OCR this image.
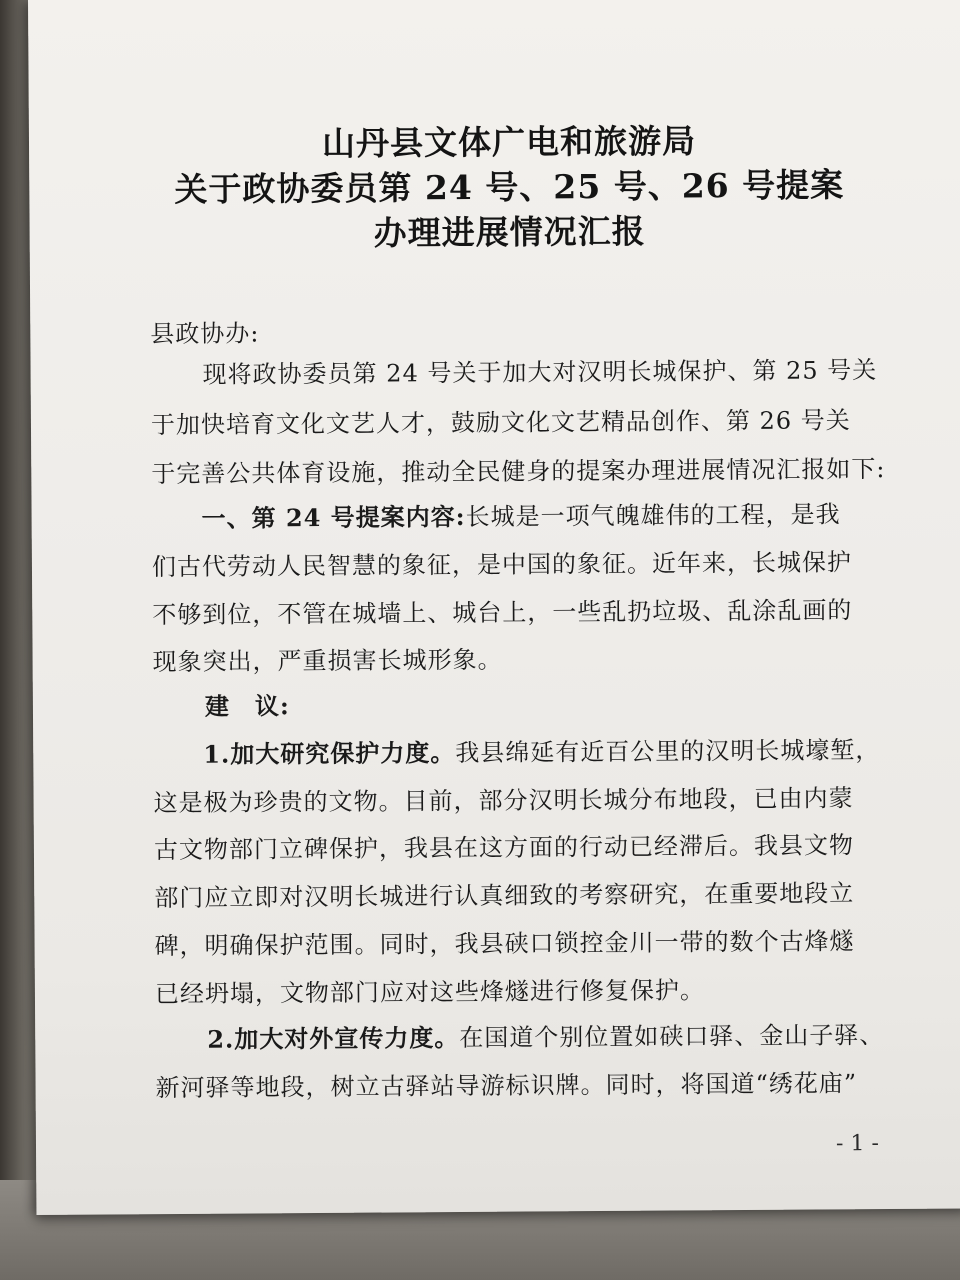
山丹县文体广电和旅游局
关于政协委员第 24 号、25 号、26 号提案
办理进展情况汇报
县政协办:
现将政协委员第 24 号关于加大对汉明长城保护、第 25 号关
于加快培育文化文艺人才，鼓励文化文艺精品创作、第 26 号关
于完善公共体育设施，推动全民健身的提案办理进展情况汇报如下:
一、第 24 号提案内容:长城是一项气魄雄伟的工程，是我
们古代劳动人民智慧的象征，是中国的象征。近年来，长城保护
不够到位，不管在城墙上、城台上，一些乱扔垃圾、乱涂乱画的
现象突出，严重损害长城形象。
建　议:
1.加大研究保护力度。我县绵延有近百公里的汉明长城壕堑，
这是极为珍贵的文物。目前，部分汉明长城分布地段，已由内蒙
古文物部门立碑保护，我县在这方面的行动已经滞后。我县文物
部门应立即对汉明长城进行认真细致的考察研究，在重要地段立
碑，明确保护范围。同时，我县硖口锁控金川一带的数个古烽燧
已经坍塌，文物部门应对这些烽燧进行修复保护。
2.加大对外宣传力度。在国道个别位置如硖口驿、金山子驿、
新河驿等地段，树立古驿站导游标识牌。同时，将国道“绣花庙”
- 1 -
